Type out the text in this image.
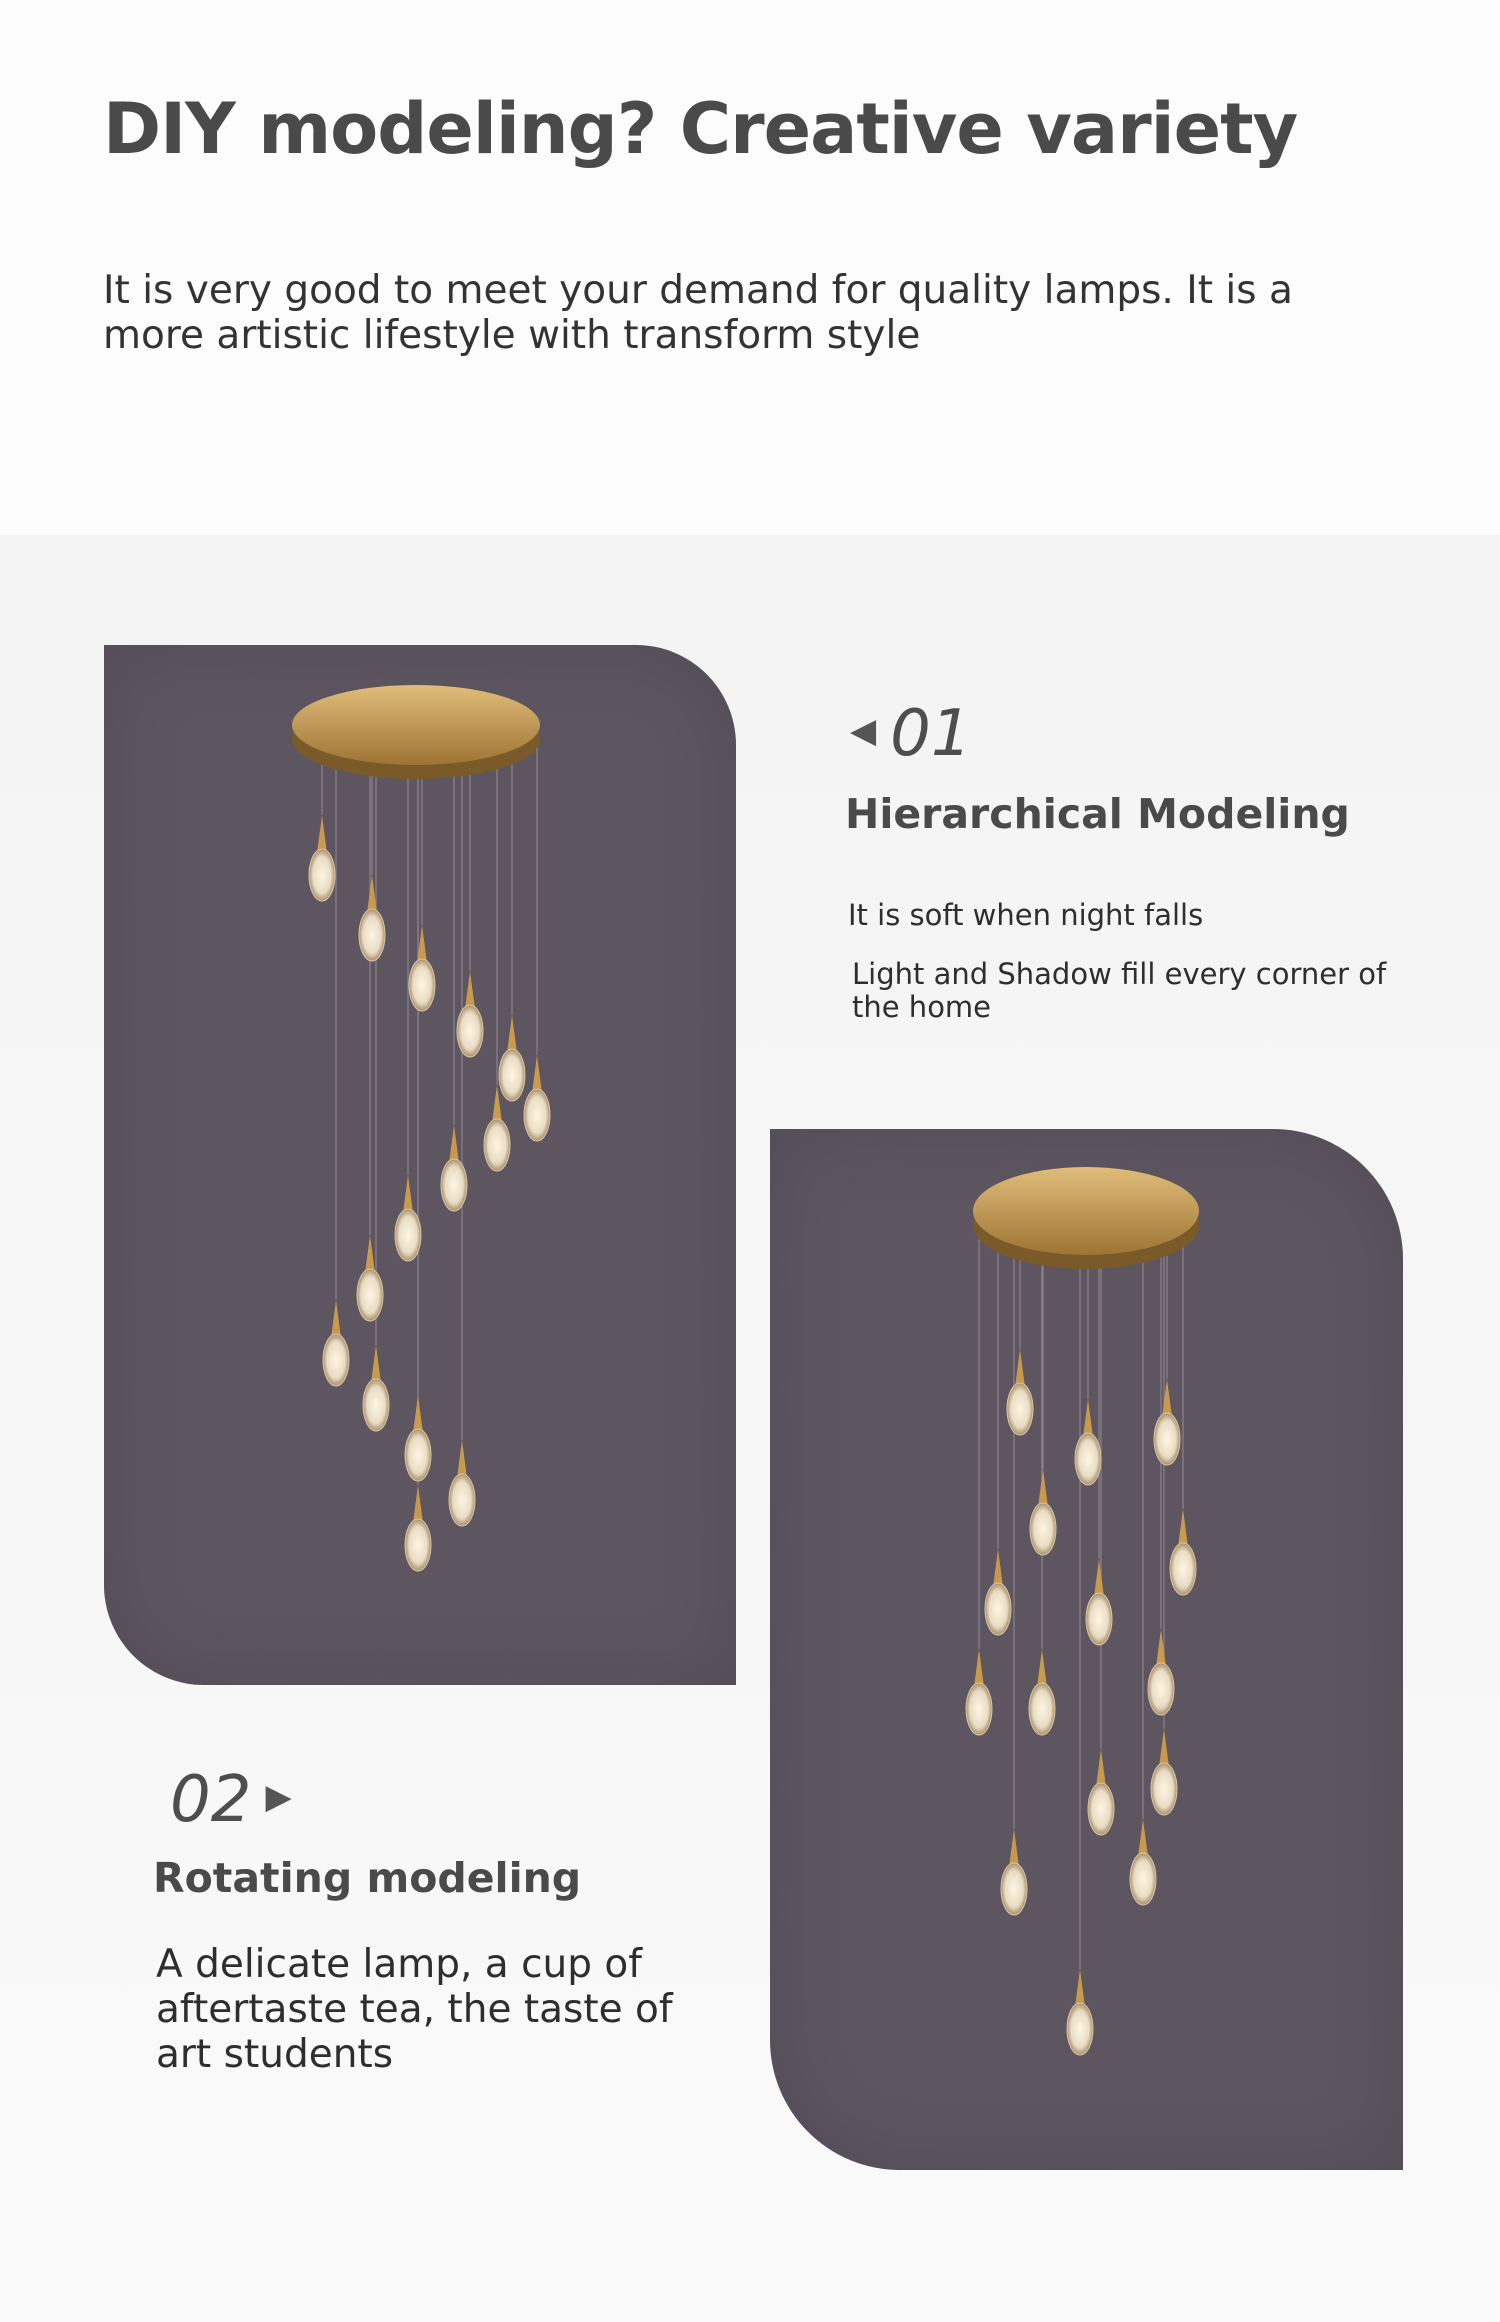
DIY modeling? Creative variety

It is very good to meet your demand for quality lamps. It is a more artistic lifestyle with transform style

◀ 01
Hierarchical Modeling

It is soft when night falls

Light and Shadow fill every corner of the home

02 ▶
Rotating modeling

A delicate lamp, a cup of aftertaste tea, the taste of art students
